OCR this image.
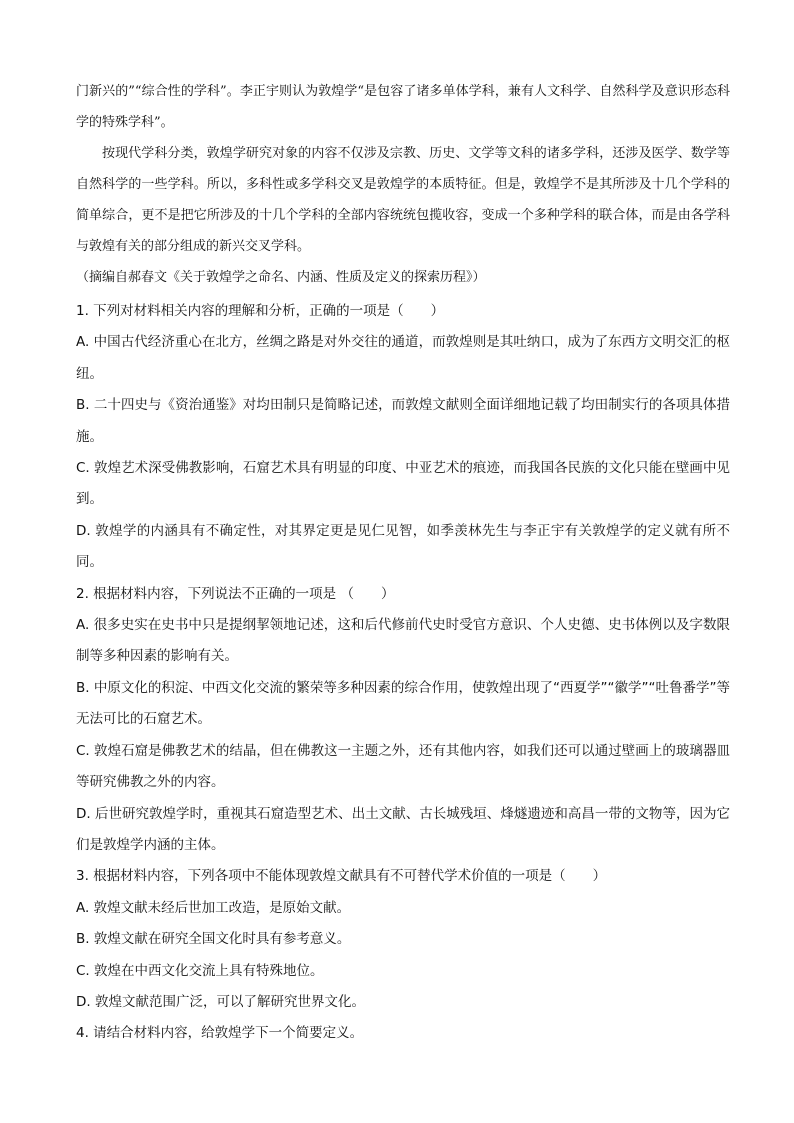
门新兴的”“综合性的学科”。李正宇则认为敦煌学“是包容了诸多单体学科，兼有人文科学、自然科学及意识形态科学的特殊学科”。

按现代学科分类，敦煌学研究对象的内容不仅涉及宗教、历史、文学等文科的诸多学科，还涉及医学、数学等自然科学的一些学科。所以，多科性或多学科交叉是敦煌学的本质特征。但是，敦煌学不是其所涉及十几个学科的简单综合，更不是把它所涉及的十几个学科的全部内容统统包揽收容，变成一个多种学科的联合体，而是由各学科与敦煌有关的部分组成的新兴交叉学科。

（摘编自郝春文《关于敦煌学之命名、内涵、性质及定义的探索历程》）

1. 下列对材料相关内容的理解和分析，正确的一项是（　　）

A. 中国古代经济重心在北方，丝绸之路是对外交往的通道，而敦煌则是其吐纳口，成为了东西方文明交汇的枢纽。

B. 二十四史与《资治通鉴》对均田制只是简略记述，而敦煌文献则全面详细地记载了均田制实行的各项具体措施。

C. 敦煌艺术深受佛教影响，石窟艺术具有明显的印度、中亚艺术的痕迹，而我国各民族的文化只能在壁画中见到。

D. 敦煌学的内涵具有不确定性，对其界定更是见仁见智，如季羡林先生与李正宇有关敦煌学的定义就有所不同。

2. 根据材料内容，下列说法不正确的一项是 （　　）

A. 很多史实在史书中只是提纲挈领地记述，这和后代修前代史时受官方意识、个人史德、史书体例以及字数限制等多种因素的影响有关。

B. 中原文化的积淀、中西文化交流的繁荣等多种因素的综合作用，使敦煌出现了“西夏学”“徽学”“吐鲁番学”等无法可比的石窟艺术。

C. 敦煌石窟是佛教艺术的结晶，但在佛教这一主题之外，还有其他内容，如我们还可以通过壁画上的玻璃器皿等研究佛教之外的内容。

D. 后世研究敦煌学时，重视其石窟造型艺术、出土文献、古长城残垣、烽燧遗迹和高昌一带的文物等，因为它们是敦煌学内涵的主体。

3. 根据材料内容，下列各项中不能体现敦煌文献具有不可替代学术价值的一项是（　　）

A. 敦煌文献未经后世加工改造，是原始文献。

B. 敦煌文献在研究全国文化时具有参考意义。

C. 敦煌在中西文化交流上具有特殊地位。

D. 敦煌文献范围广泛，可以了解研究世界文化。

4. 请结合材料内容，给敦煌学下一个简要定义。
